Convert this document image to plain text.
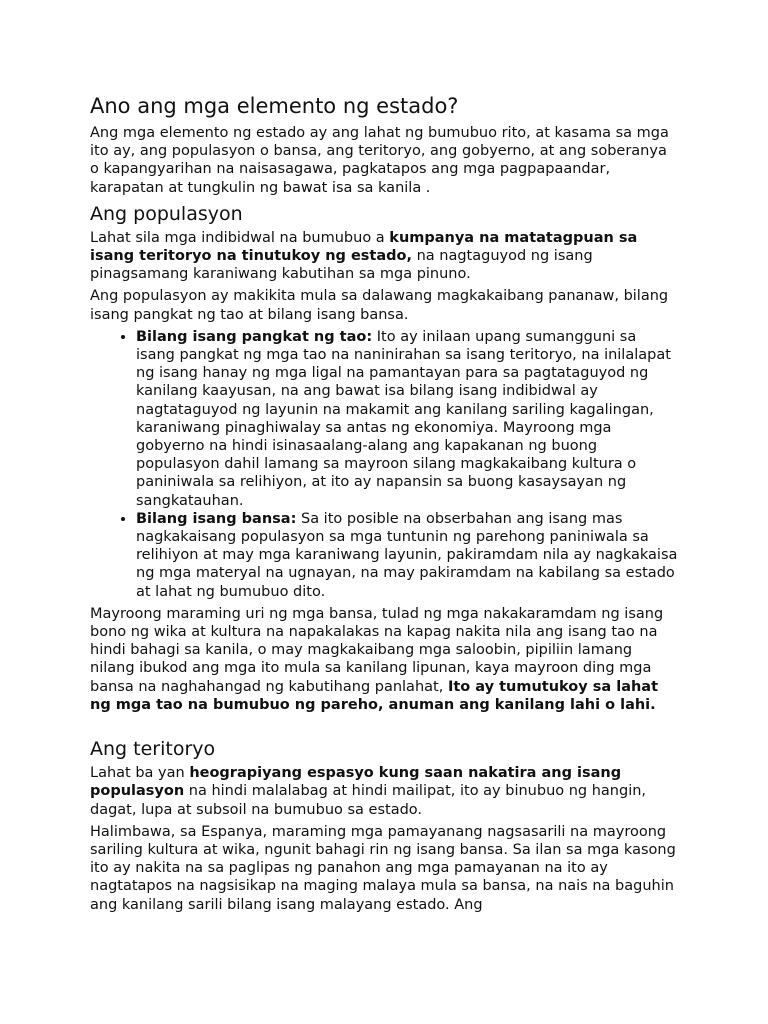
Ano ang mga elemento ng estado?

Ang mga elemento ng estado ay ang lahat ng bumubuo rito, at kasama sa mga ito ay, ang populasyon o bansa, ang teritoryo, ang gobyerno, at ang soberanya o kapangyarihan na naisasagawa, pagkatapos ang mga pagpapaandar, karapatan at tungkulin ng bawat isa sa kanila .

Ang populasyon

Lahat sila mga indibidwal na bumubuo a kumpanya na matatagpuan sa isang teritoryo na tinutukoy ng estado, na nagtaguyod ng isang pinagsamang karaniwang kabutihan sa mga pinuno.

Ang populasyon ay makikita mula sa dalawang magkakaibang pananaw, bilang isang pangkat ng tao at bilang isang bansa.

• Bilang isang pangkat ng tao: Ito ay inilaan upang sumangguni sa isang pangkat ng mga tao na naninirahan sa isang teritoryo, na inilalapat ng isang hanay ng mga ligal na pamantayan para sa pagtataguyod ng kanilang kaayusan, na ang bawat isa bilang isang indibidwal ay nagtataguyod ng layunin na makamit ang kanilang sariling kagalingan, karaniwang pinaghiwalay sa antas ng ekonomiya. Mayroong mga gobyerno na hindi isinasaalang-alang ang kapakanan ng buong populasyon dahil lamang sa mayroon silang magkakaibang kultura o paniniwala sa relihiyon, at ito ay napansin sa buong kasaysayan ng sangkatauhan.
• Bilang isang bansa: Sa ito posible na obserbahan ang isang mas nagkakaisang populasyon sa mga tuntunin ng parehong paniniwala sa relihiyon at may mga karaniwang layunin, pakiramdam nila ay nagkakaisa ng mga materyal na ugnayan, na may pakiramdam na kabilang sa estado at lahat ng bumubuo dito.

Mayroong maraming uri ng mga bansa, tulad ng mga nakakaramdam ng isang bono ng wika at kultura na napakalakas na kapag nakita nila ang isang tao na hindi bahagi sa kanila, o may magkakaibang mga saloobin, pipiliin lamang nilang ibukod ang mga ito mula sa kanilang lipunan, kaya mayroon ding mga bansa na naghahangad ng kabutihang panlahat, Ito ay tumutukoy sa lahat ng mga tao na bumubuo ng pareho, anuman ang kanilang lahi o lahi.

Ang teritoryo

Lahat ba yan heograpiyang espasyo kung saan nakatira ang isang populasyon na hindi malalabag at hindi mailipat, ito ay binubuo ng hangin, dagat, lupa at subsoil na bumubuo sa estado.

Halimbawa, sa Espanya, maraming mga pamayanang nagsasarili na mayroong sariling kultura at wika, ngunit bahagi rin ng isang bansa. Sa ilan sa mga kasong ito ay nakita na sa paglipas ng panahon ang mga pamayanan na ito ay nagtatapos na nagsisikap na maging malaya mula sa bansa, na nais na baguhin ang kanilang sarili bilang isang malayang estado. Ang
